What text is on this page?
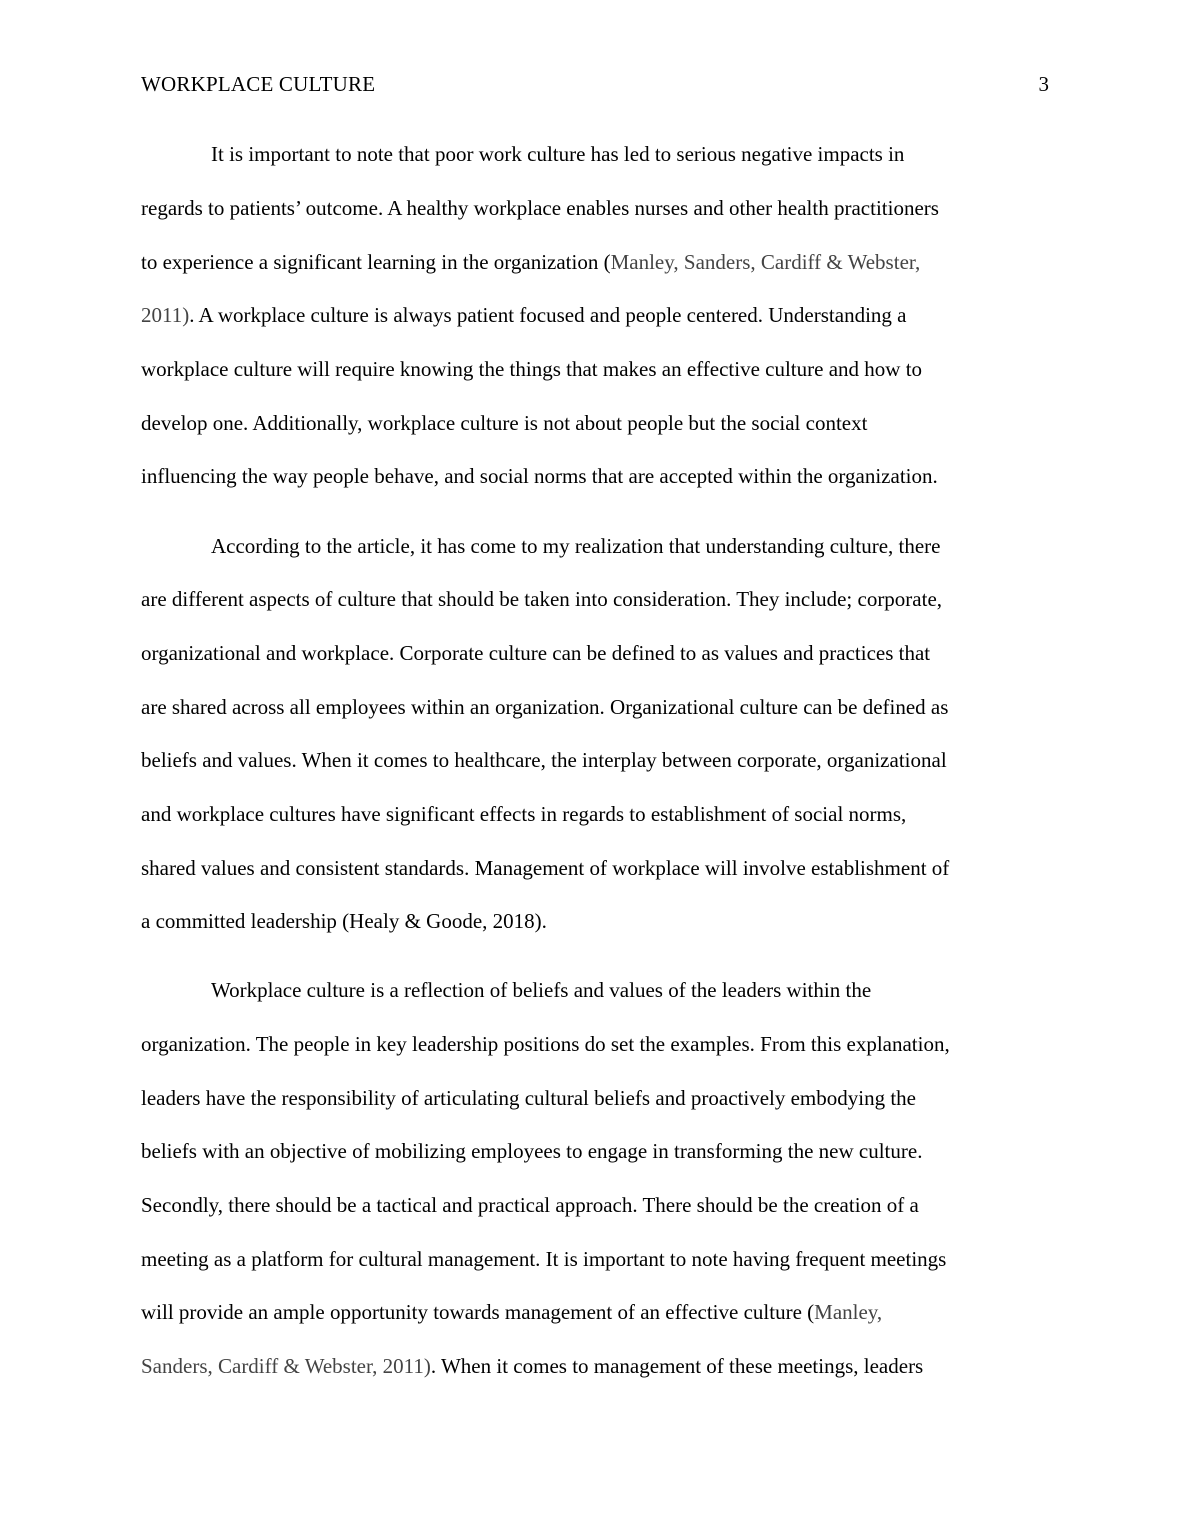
WORKPLACE CULTURE	3
It is important to note that poor work culture has led to serious negative impacts in
regards to patients’ outcome. A healthy workplace enables nurses and other health practitioners
to experience a significant learning in the organization (Manley, Sanders, Cardiff & Webster,
2011). A workplace culture is always patient focused and people centered. Understanding a
workplace culture will require knowing the things that makes an effective culture and how to
develop one. Additionally, workplace culture is not about people but the social context
influencing the way people behave, and social norms that are accepted within the organization.
According to the article, it has come to my realization that understanding culture, there
are different aspects of culture that should be taken into consideration. They include; corporate,
organizational and workplace. Corporate culture can be defined to as values and practices that
are shared across all employees within an organization. Organizational culture can be defined as
beliefs and values. When it comes to healthcare, the interplay between corporate, organizational
and workplace cultures have significant effects in regards to establishment of social norms,
shared values and consistent standards. Management of workplace will involve establishment of
a committed leadership (Healy & Goode, 2018).
Workplace culture is a reflection of beliefs and values of the leaders within the
organization. The people in key leadership positions do set the examples. From this explanation,
leaders have the responsibility of articulating cultural beliefs and proactively embodying the
beliefs with an objective of mobilizing employees to engage in transforming the new culture.
Secondly, there should be a tactical and practical approach. There should be the creation of a
meeting as a platform for cultural management. It is important to note having frequent meetings
will provide an ample opportunity towards management of an effective culture (Manley,
Sanders, Cardiff & Webster, 2011). When it comes to management of these meetings, leaders
